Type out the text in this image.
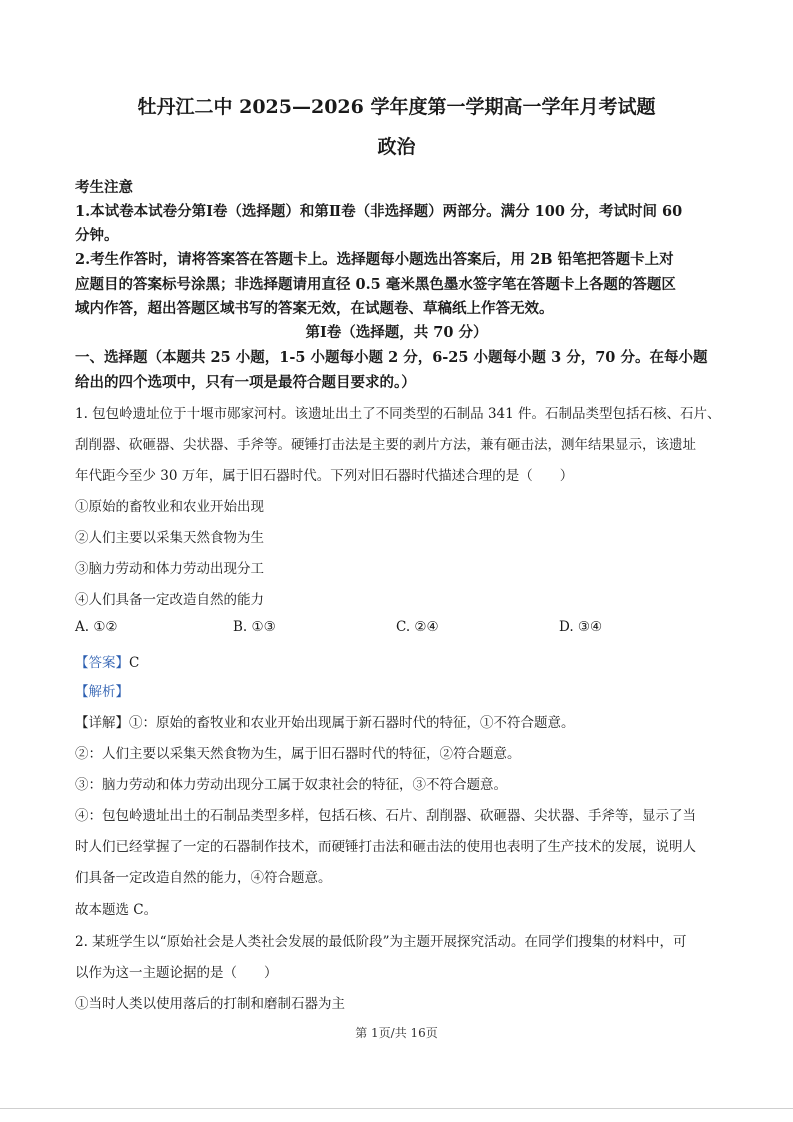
牡丹江二中 2025—2026 学年度第一学期高一学年月考试题
政治
考生注意
1.本试卷本试卷分第Ⅰ卷（选择题）和第Ⅱ卷（非选择题）两部分。满分 100 分，考试时间 60
分钟。
2.考生作答时，请将答案答在答题卡上。选择题每小题选出答案后，用 2B 铅笔把答题卡上对
应题目的答案标号涂黑；非选择题请用直径 0.5 毫米黑色墨水签字笔在答题卡上各题的答题区
域内作答，超出答题区域书写的答案无效，在试题卷、草稿纸上作答无效。
第Ⅰ卷（选择题，共 70 分）
一、选择题（本题共 25 小题，1-5 小题每小题 2 分，6-25 小题每小题 3 分，70 分。在每小题
给出的四个选项中，只有一项是最符合题目要求的。）
1. 包包岭遗址位于十堰市郧家河村。该遗址出土了不同类型的石制品 341 件。石制品类型包括石核、石片、
刮削器、砍砸器、尖状器、手斧等。硬锤打击法是主要的剥片方法，兼有砸击法，测年结果显示，该遗址
年代距今至少 30 万年，属于旧石器时代。下列对旧石器时代描述合理的是（　　）
①原始的畜牧业和农业开始出现
②人们主要以采集天然食物为生
③脑力劳动和体力劳动出现分工
④人们具备一定改造自然的能力
A. ①②	B. ①③	C. ②④	D. ③④
【答案】C
【解析】
【详解】①：原始的畜牧业和农业开始出现属于新石器时代的特征，①不符合题意。
②：人们主要以采集天然食物为生，属于旧石器时代的特征，②符合题意。
③：脑力劳动和体力劳动出现分工属于奴隶社会的特征，③不符合题意。
④：包包岭遗址出土的石制品类型多样，包括石核、石片、刮削器、砍砸器、尖状器、手斧等，显示了当
时人们已经掌握了一定的石器制作技术，而硬锤打击法和砸击法的使用也表明了生产技术的发展，说明人
们具备一定改造自然的能力，④符合题意。
故本题选 C。
2. 某班学生以“原始社会是人类社会发展的最低阶段”为主题开展探究活动。在同学们搜集的材料中，可
以作为这一主题论据的是（　　）
①当时人类以使用落后的打制和磨制石器为主
第 1页/共 16页
